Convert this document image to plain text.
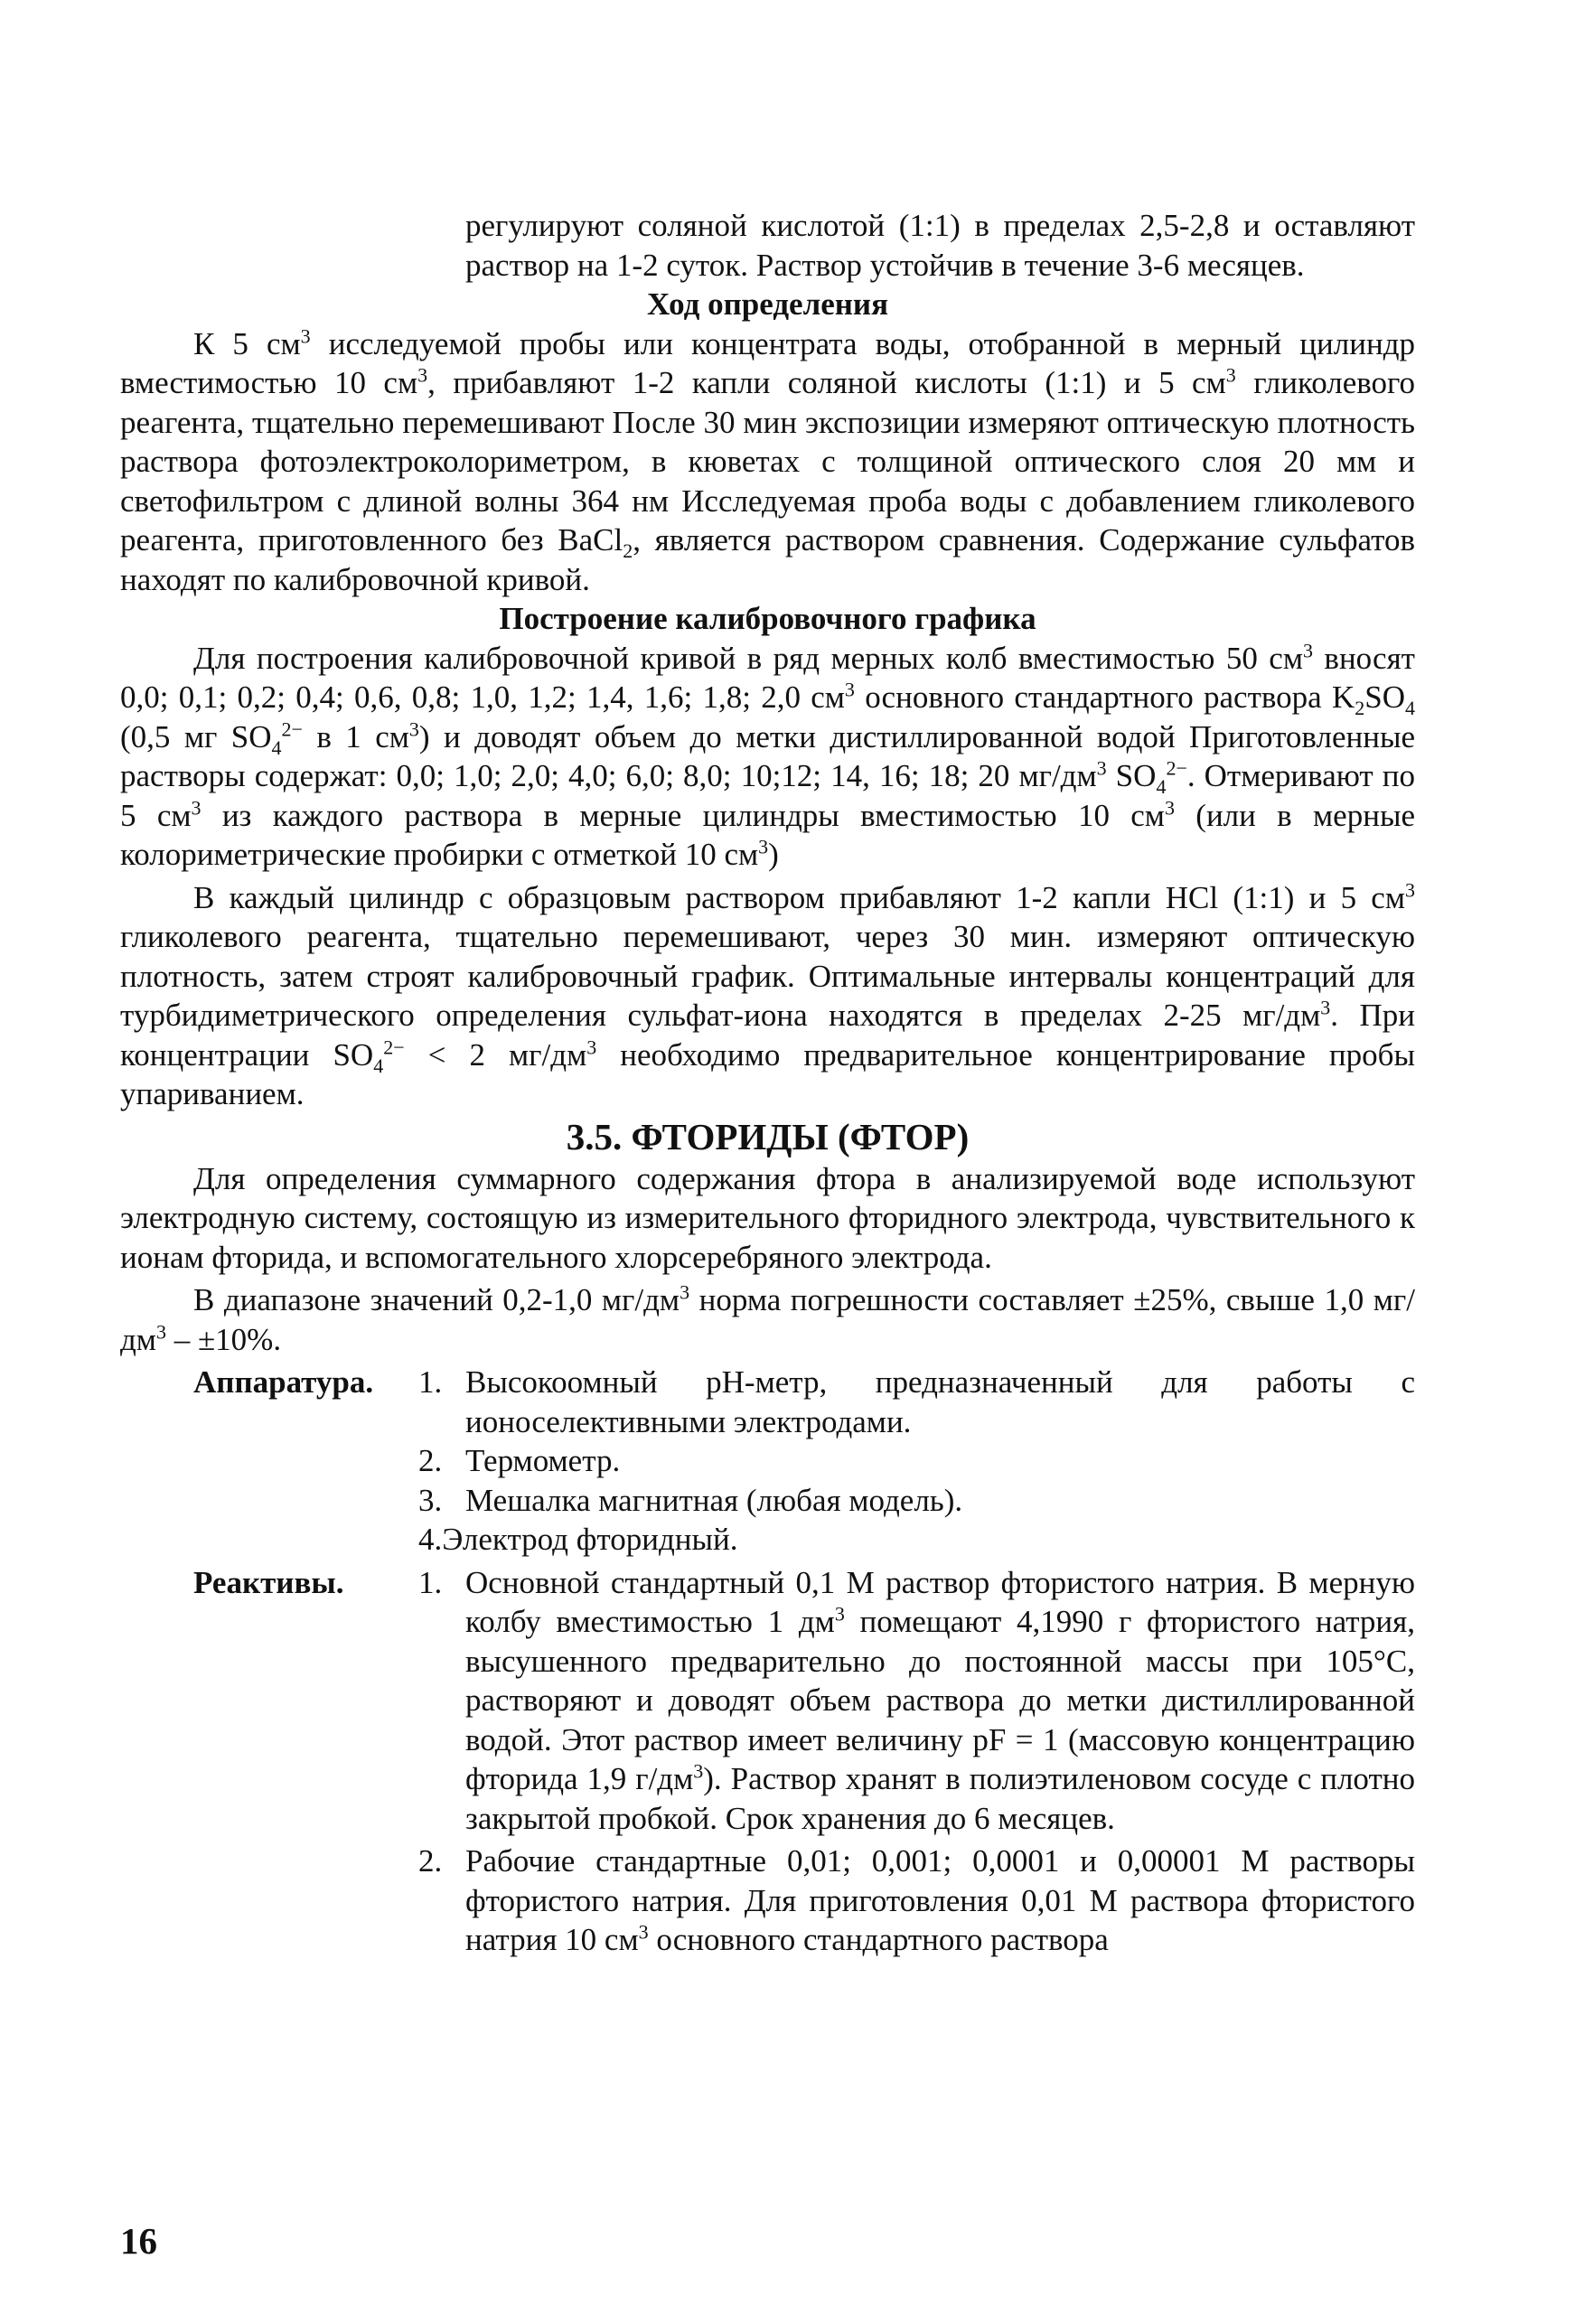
регулируют соляной кислотой (1:1) в пределах 2,5-2,8 и оставляют раствор на 1-2 суток. Раствор устойчив в течение 3-6 месяцев.

Ход определения

К 5 $см^3$ исследуемой пробы или концентрата воды, отобранной в мерный цилиндр вместимостью 10 $см^3$, прибавляют 1-2 капли соляной кислоты (1:1) и 5 $см^3$ гликолевого реагента, тщательно перемешивают После 30 мин экспозиции измеряют оптическую плотность раствора фотоэлектроколориметром, в кюветах с толщиной оптического слоя 20 мм и светофильтром с длиной волны 364 нм Исследуемая проба воды с добавлением гликолевого реагента, приготовленного без BaCl$_2$, является раствором сравнения. Содержание сульфатов находят по калибровочной кривой.

Построение калибровочного графика

Для построения калибровочной кривой в ряд мерных колб вместимостью 50 $см^3$ вносят 0,0; 0,1; 0,2; 0,4; 0,6, 0,8; 1,0, 1,2; 1,4, 1,6; 1,8; 2,0 $см^3$ основного стандартного раствора $K_2SO_4$ (0,5 мг $SO_4^{2-}$ в 1 $см^3$) и доводят объем до метки дистиллированной водой Приготовленные растворы содержат: 0,0; 1,0; 2,0; 4,0; 6,0; 8,0; 10;12; 14, 16; 18; 20 $мг/дм^3$ $SO_4^{2-}$. Отмеривают по 5 $см^3$ из каждого раствора в мерные цилиндры вместимостью 10 $см^3$ (или в мерные колориметрические пробирки с отметкой 10 $см^3$)

В каждый цилиндр с образцовым раствором прибавляют 1-2 капли HCl (1:1) и 5 $см^3$ гликолевого реагента, тщательно перемешивают, через 30 мин. измеряют оптическую плотность, затем строят калибровочный график. Оптимальные интервалы концентраций для турбидиметрического определения сульфат-иона находятся в пределах 2-25 $мг/дм^3$. При концентрации $SO_4^{2-} < 2$ $мг/дм^3$ необходимо предварительное концентрирование пробы упариванием.

3.5. ФТОРИДЫ (ФТОР)

Для определения суммарного содержания фтора в анализируемой воде используют электродную систему, состоящую из измерительного фторидного электрода, чувствительного к ионам фторида, и вспомогательного хлорсеребряного электрода.

В диапазоне значений 0,2-1,0 $мг/дм^3$ норма погрешности составляет ±25%, свыше 1,0 $мг/дм^3 - \pm 10\%$.

Аппаратура. 1. Высокоомный pH-метр, предназначенный для работы с ионоселективными электродами.
2. Термометр.
3. Мешалка магнитная (любая модель).
4.Электрод фторидный.
Реактивы. 1. Основной стандартный 0,1 М раствор фтористого натрия. В мерную колбу вместимостью 1 $дм^3$ помещают 4,1990 г фтористого натрия, высушенного предварительно до постоянной массы при 105°С, растворяют и доводят объем раствора до метки дистиллированной водой. Этот раствор имеет величину pF = 1 (массовую концентрацию фторида 1,9 $г/дм^3$). Раствор хранят в полиэтиленовом сосуде с плотно закрытой пробкой. Срок хранения до 6 месяцев.
2. Рабочие стандартные 0,01; 0,001; 0,0001 и 0,00001 М растворы фтористого натрия. Для приготовления 0,01 М раствора фтористого натрия 10 $см^3$ основного стандартного раствора
16
